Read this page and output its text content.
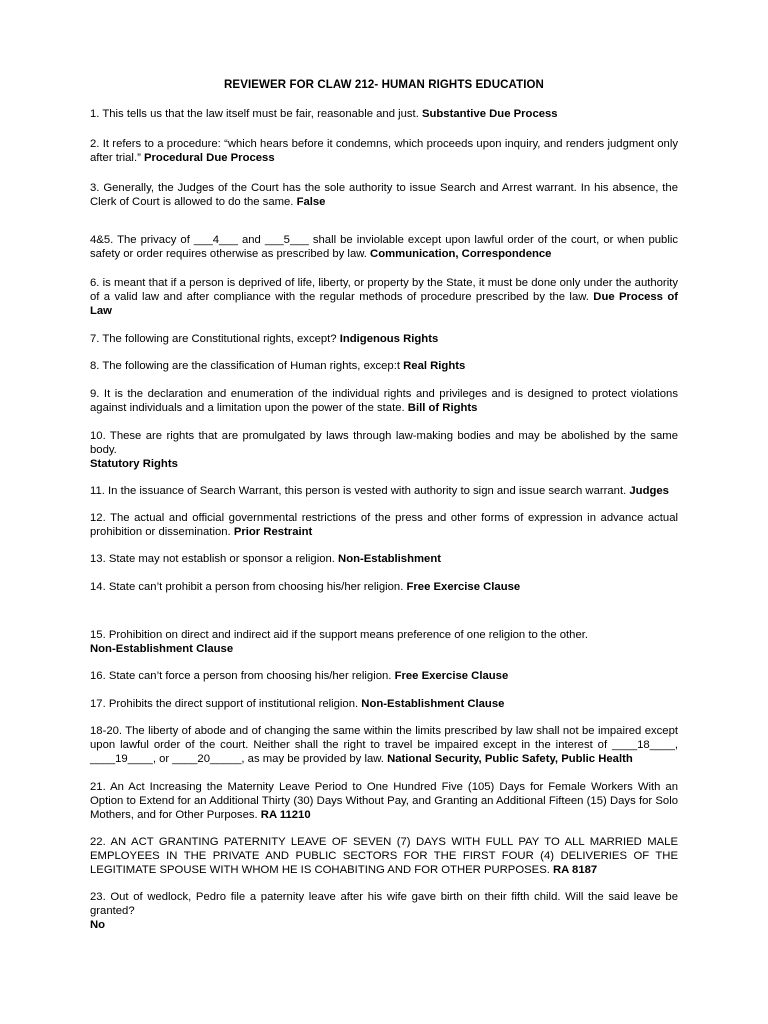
REVIEWER FOR CLAW 212- HUMAN RIGHTS EDUCATION
1. This tells us that the law itself must be fair, reasonable and just. Substantive Due Process
2. It refers to a procedure: “which hears before it condemns, which proceeds upon inquiry, and renders judgment only after trial.” Procedural Due Process
3. Generally, the Judges of the Court has the sole authority to issue Search and Arrest warrant. In his absence, the Clerk of Court is allowed to do the same. False
4&5. The privacy of ___4___ and ___5___ shall be inviolable except upon lawful order of the court, or when public safety or order requires otherwise as prescribed by law. Communication, Correspondence
6. is meant that if a person is deprived of life, liberty, or property by the State, it must be done only under the authority of a valid law and after compliance with the regular methods of procedure prescribed by the law. Due Process of Law
7. The following are Constitutional rights, except? Indigenous Rights
8. The following are the classification of Human rights, excep:t Real Rights
9. It is the declaration and enumeration of the individual rights and privileges and is designed to protect violations against individuals and a limitation upon the power of the state. Bill of Rights
10. These are rights that are promulgated by laws through law-making bodies and may be abolished by the same body.
Statutory Rights
11. In the issuance of Search Warrant, this person is vested with authority to sign and issue search warrant. Judges
12. The actual and official governmental restrictions of the press and other forms of expression in advance actual prohibition or dissemination. Prior Restraint
13. State may not establish or sponsor a religion. Non-Establishment
14. State can’t prohibit a person from choosing his/her religion. Free Exercise Clause
15. Prohibition on direct and indirect aid if the support means preference of one religion to the other.
Non-Establishment Clause
16. State can’t force a person from choosing his/her religion. Free Exercise Clause
17. Prohibits the direct support of institutional religion. Non-Establishment Clause
18-20. The liberty of abode and of changing the same within the limits prescribed by law shall not be impaired except upon lawful order of the court. Neither shall the right to travel be impaired except in the interest of ____18____, ____19____, or ____20_____, as may be provided by law. National Security, Public Safety, Public Health
21. An Act Increasing the Maternity Leave Period to One Hundred Five (105) Days for Female Workers With an Option to Extend for an Additional Thirty (30) Days Without Pay, and Granting an Additional Fifteen (15) Days for Solo Mothers, and for Other Purposes. RA 11210
22. AN ACT GRANTING PATERNITY LEAVE OF SEVEN (7) DAYS WITH FULL PAY TO ALL MARRIED MALE EMPLOYEES IN THE PRIVATE AND PUBLIC SECTORS FOR THE FIRST FOUR (4) DELIVERIES OF THE LEGITIMATE SPOUSE WITH WHOM HE IS COHABITING AND FOR OTHER PURPOSES. RA 8187
23. Out of wedlock, Pedro file a paternity leave after his wife gave birth on their fifth child. Will the said leave be granted?
No
